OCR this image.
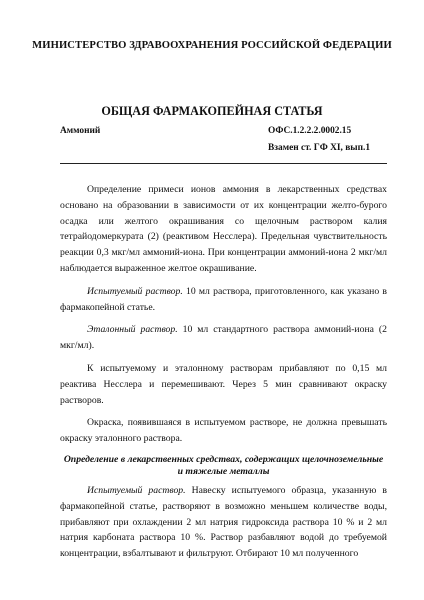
МИНИСТЕРСТВО ЗДРАВООХРАНЕНИЯ РОССИЙСКОЙ ФЕДЕРАЦИИ
ОБЩАЯ ФАРМАКОПЕЙНАЯ СТАТЬЯ
Аммоний	ОФС.1.2.2.2.0002.15
Взамен ст. ГФ XI, вып.1

Определение примеси ионов аммония в лекарственных средствах основано на образовании в зависимости от их концентрации желто-бурого осадка или желтого окрашивания со щелочным раствором калия тетрайодомеркурата (2) (реактивом Несслера). Предельная чувствительность реакции 0,3 мкг/мл аммоний-иона. При концентрации аммоний-иона 2 мкг/мл наблюдается выраженное желтое окрашивание.

Испытуемый раствор. 10 мл раствора, приготовленного, как указано в фармакопейной статье.

Эталонный раствор. 10 мл стандартного раствора аммоний-иона (2 мкг/мл).

К испытуемому и эталонному растворам прибавляют по 0,15 мл реактива Несслера и перемешивают. Через 5 мин сравнивают окраску растворов.

Окраска, появившаяся в испытуемом растворе, не должна превышать окраску эталонного раствора.

Определение в лекарственных средствах, содержащих щелочноземельные и тяжелые металлы

Испытуемый раствор. Навеску испытуемого образца, указанную в фармакопейной статье, растворяют в возможно меньшем количестве воды, прибавляют при охлаждении 2 мл натрия гидроксида раствора 10 % и 2 мл натрия карбоната раствора 10 %. Раствор разбавляют водой до требуемой концентрации, взбалтывают и фильтруют. Отбирают 10 мл полученного
